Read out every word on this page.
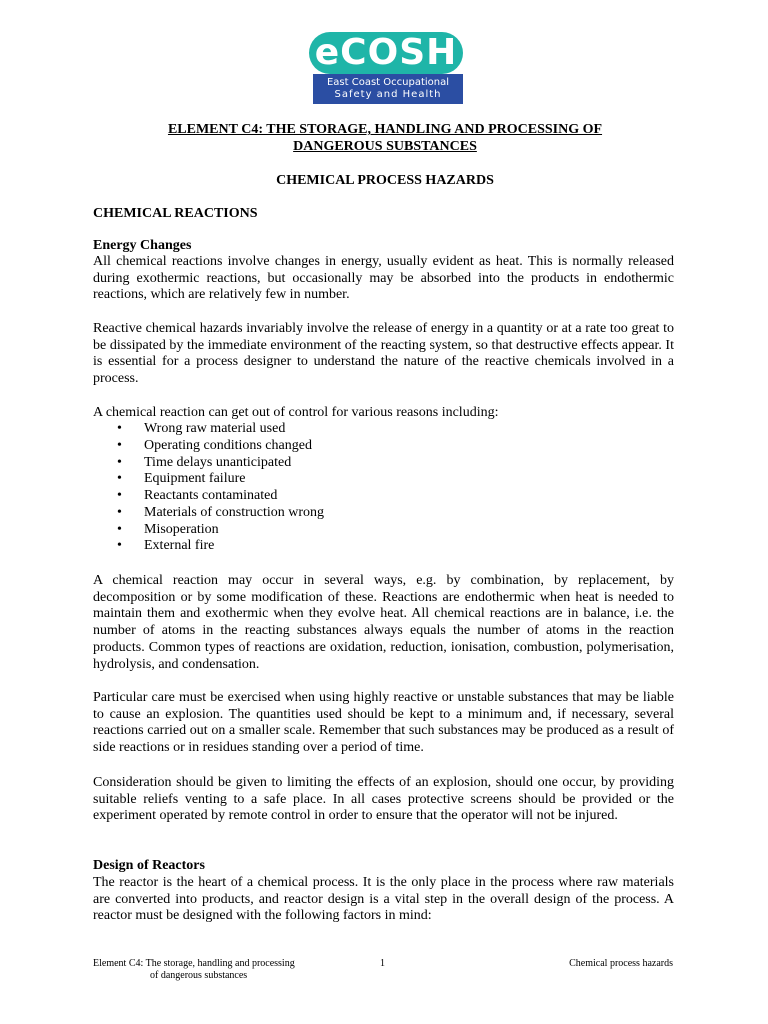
eCOSH
East Coast Occupational
Safety and Health
ELEMENT C4: THE STORAGE, HANDLING AND PROCESSING OF
DANGEROUS SUBSTANCES
CHEMICAL PROCESS HAZARDS
CHEMICAL REACTIONS
Energy Changes

All chemical reactions involve changes in energy, usually evident as heat. This is normally released during exothermic reactions, but occasionally may be absorbed into the products in endothermic reactions, which are relatively few in number.

Reactive chemical hazards invariably involve the release of energy in a quantity or at a rate too great to be dissipated by the immediate environment of the reacting system, so that destructive effects appear. It is essential for a process designer to understand the nature of the reactive chemicals involved in a process.

A chemical reaction can get out of control for various reasons including:

• Wrong raw material used
• Operating conditions changed
• Time delays unanticipated
• Equipment failure
• Reactants contaminated
• Materials of construction wrong
• Misoperation
• External fire

A chemical reaction may occur in several ways, e.g. by combination, by replacement, by decomposition or by some modification of these. Reactions are endothermic when heat is needed to maintain them and exothermic when they evolve heat. All chemical reactions are in balance, i.e. the number of atoms in the reacting substances always equals the number of atoms in the reaction products. Common types of reactions are oxidation, reduction, ionisation, combustion, polymerisation, hydrolysis, and condensation.

Particular care must be exercised when using highly reactive or unstable substances that may be liable to cause an explosion. The quantities used should be kept to a minimum and, if necessary, several reactions carried out on a smaller scale. Remember that such substances may be produced as a result of side reactions or in residues standing over a period of time.

Consideration should be given to limiting the effects of an explosion, should one occur, by providing suitable reliefs venting to a safe place. In all cases protective screens should be provided or the experiment operated by remote control in order to ensure that the operator will not be injured.

Design of Reactors

The reactor is the heart of a chemical process. It is the only place in the process where raw materials are converted into products, and reactor design is a vital step in the overall design of the process. A reactor must be designed with the following factors in mind:

Element C4: The storage, handling and processing
of dangerous substances
1	Chemical process hazards
